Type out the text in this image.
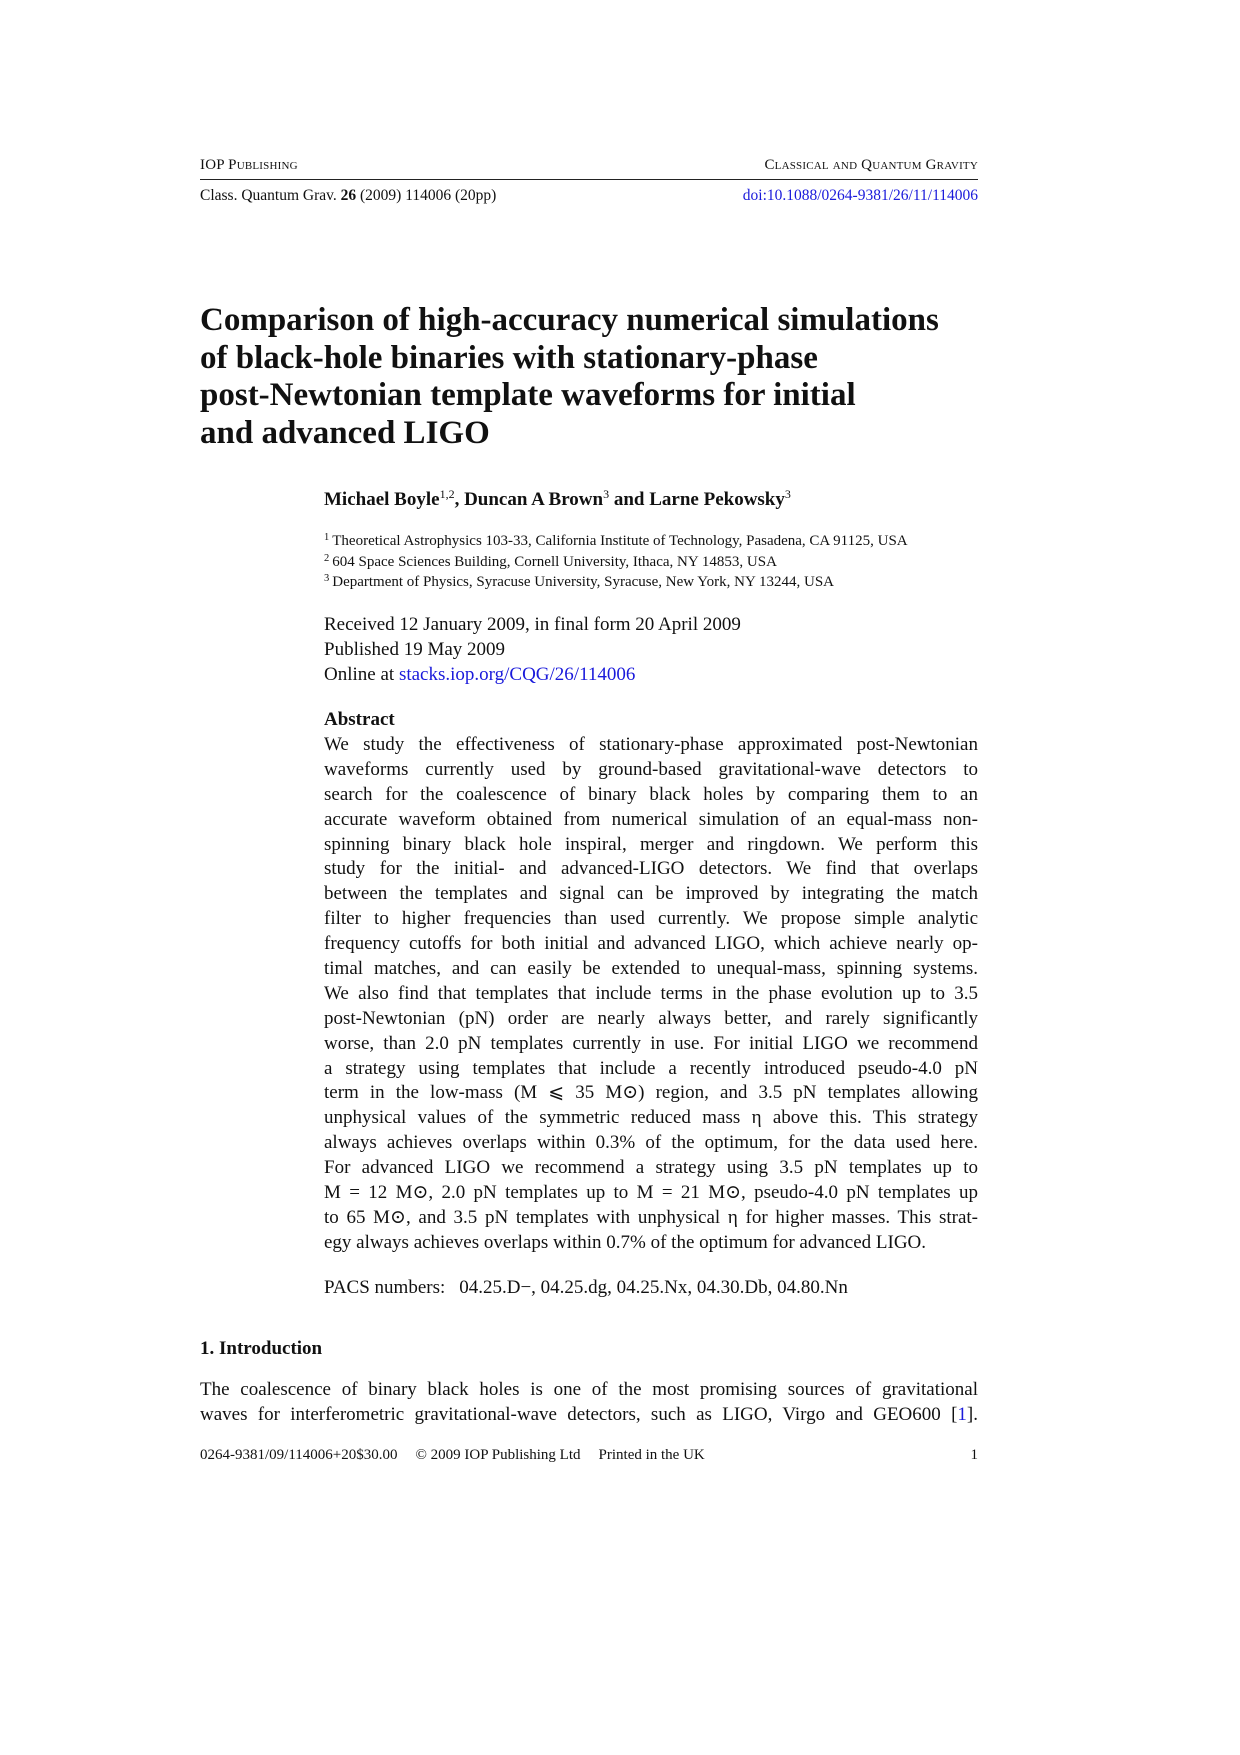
IOP Publishing	Classical and Quantum Gravity
Class. Quantum Grav. 26 (2009) 114006 (20pp)	doi:10.1088/0264-9381/26/11/114006
Comparison of high-accuracy numerical simulations
of black-hole binaries with stationary-phase
post-Newtonian template waveforms for initial
and advanced LIGO
Michael Boyle$^{1,2}$, Duncan A Brown$^3$ and Larne Pekowsky$^3$
$^1$ Theoretical Astrophysics 103-33, California Institute of Technology, Pasadena, CA 91125, USA
$^2$ 604 Space Sciences Building, Cornell University, Ithaca, NY 14853, USA
$^3$ Department of Physics, Syracuse University, Syracuse, New York, NY 13244, USA
Received 12 January 2009, in final form 20 April 2009
Published 19 May 2009
Online at stacks.iop.org/CQG/26/114006
Abstract
We study the effectiveness of stationary-phase approximated post-Newtonian
waveforms currently used by ground-based gravitational-wave detectors to
search for the coalescence of binary black holes by comparing them to an
accurate waveform obtained from numerical simulation of an equal-mass non-
spinning binary black hole inspiral, merger and ringdown. We perform this
study for the initial- and advanced-LIGO detectors. We find that overlaps
between the templates and signal can be improved by integrating the match
filter to higher frequencies than used currently. We propose simple analytic
frequency cutoffs for both initial and advanced LIGO, which achieve nearly op-
timal matches, and can easily be extended to unequal-mass, spinning systems.
We also find that templates that include terms in the phase evolution up to 3.5
post-Newtonian (pN) order are nearly always better, and rarely significantly
worse, than 2.0 pN templates currently in use. For initial LIGO we recommend
a strategy using templates that include a recently introduced pseudo-4.0 pN
term in the low-mass (M ⩽ 35 M⊙) region, and 3.5 pN templates allowing
unphysical values of the symmetric reduced mass η above this. This strategy
always achieves overlaps within 0.3% of the optimum, for the data used here.
For advanced LIGO we recommend a strategy using 3.5 pN templates up to
M = 12 M⊙, 2.0 pN templates up to M = 21 M⊙, pseudo-4.0 pN templates up
to 65 M⊙, and 3.5 pN templates with unphysical η for higher masses. This strat-
egy always achieves overlaps within 0.7% of the optimum for advanced LIGO.
PACS numbers: 04.25.D−, 04.25.dg, 04.25.Nx, 04.30.Db, 04.80.Nn
1. Introduction
The coalescence of binary black holes is one of the most promising sources of gravitational
waves for interferometric gravitational-wave detectors, such as LIGO, Virgo and GEO600 [1].
0264-9381/09/114006+20$30.00 © 2009 IOP Publishing Ltd Printed in the UK	1
